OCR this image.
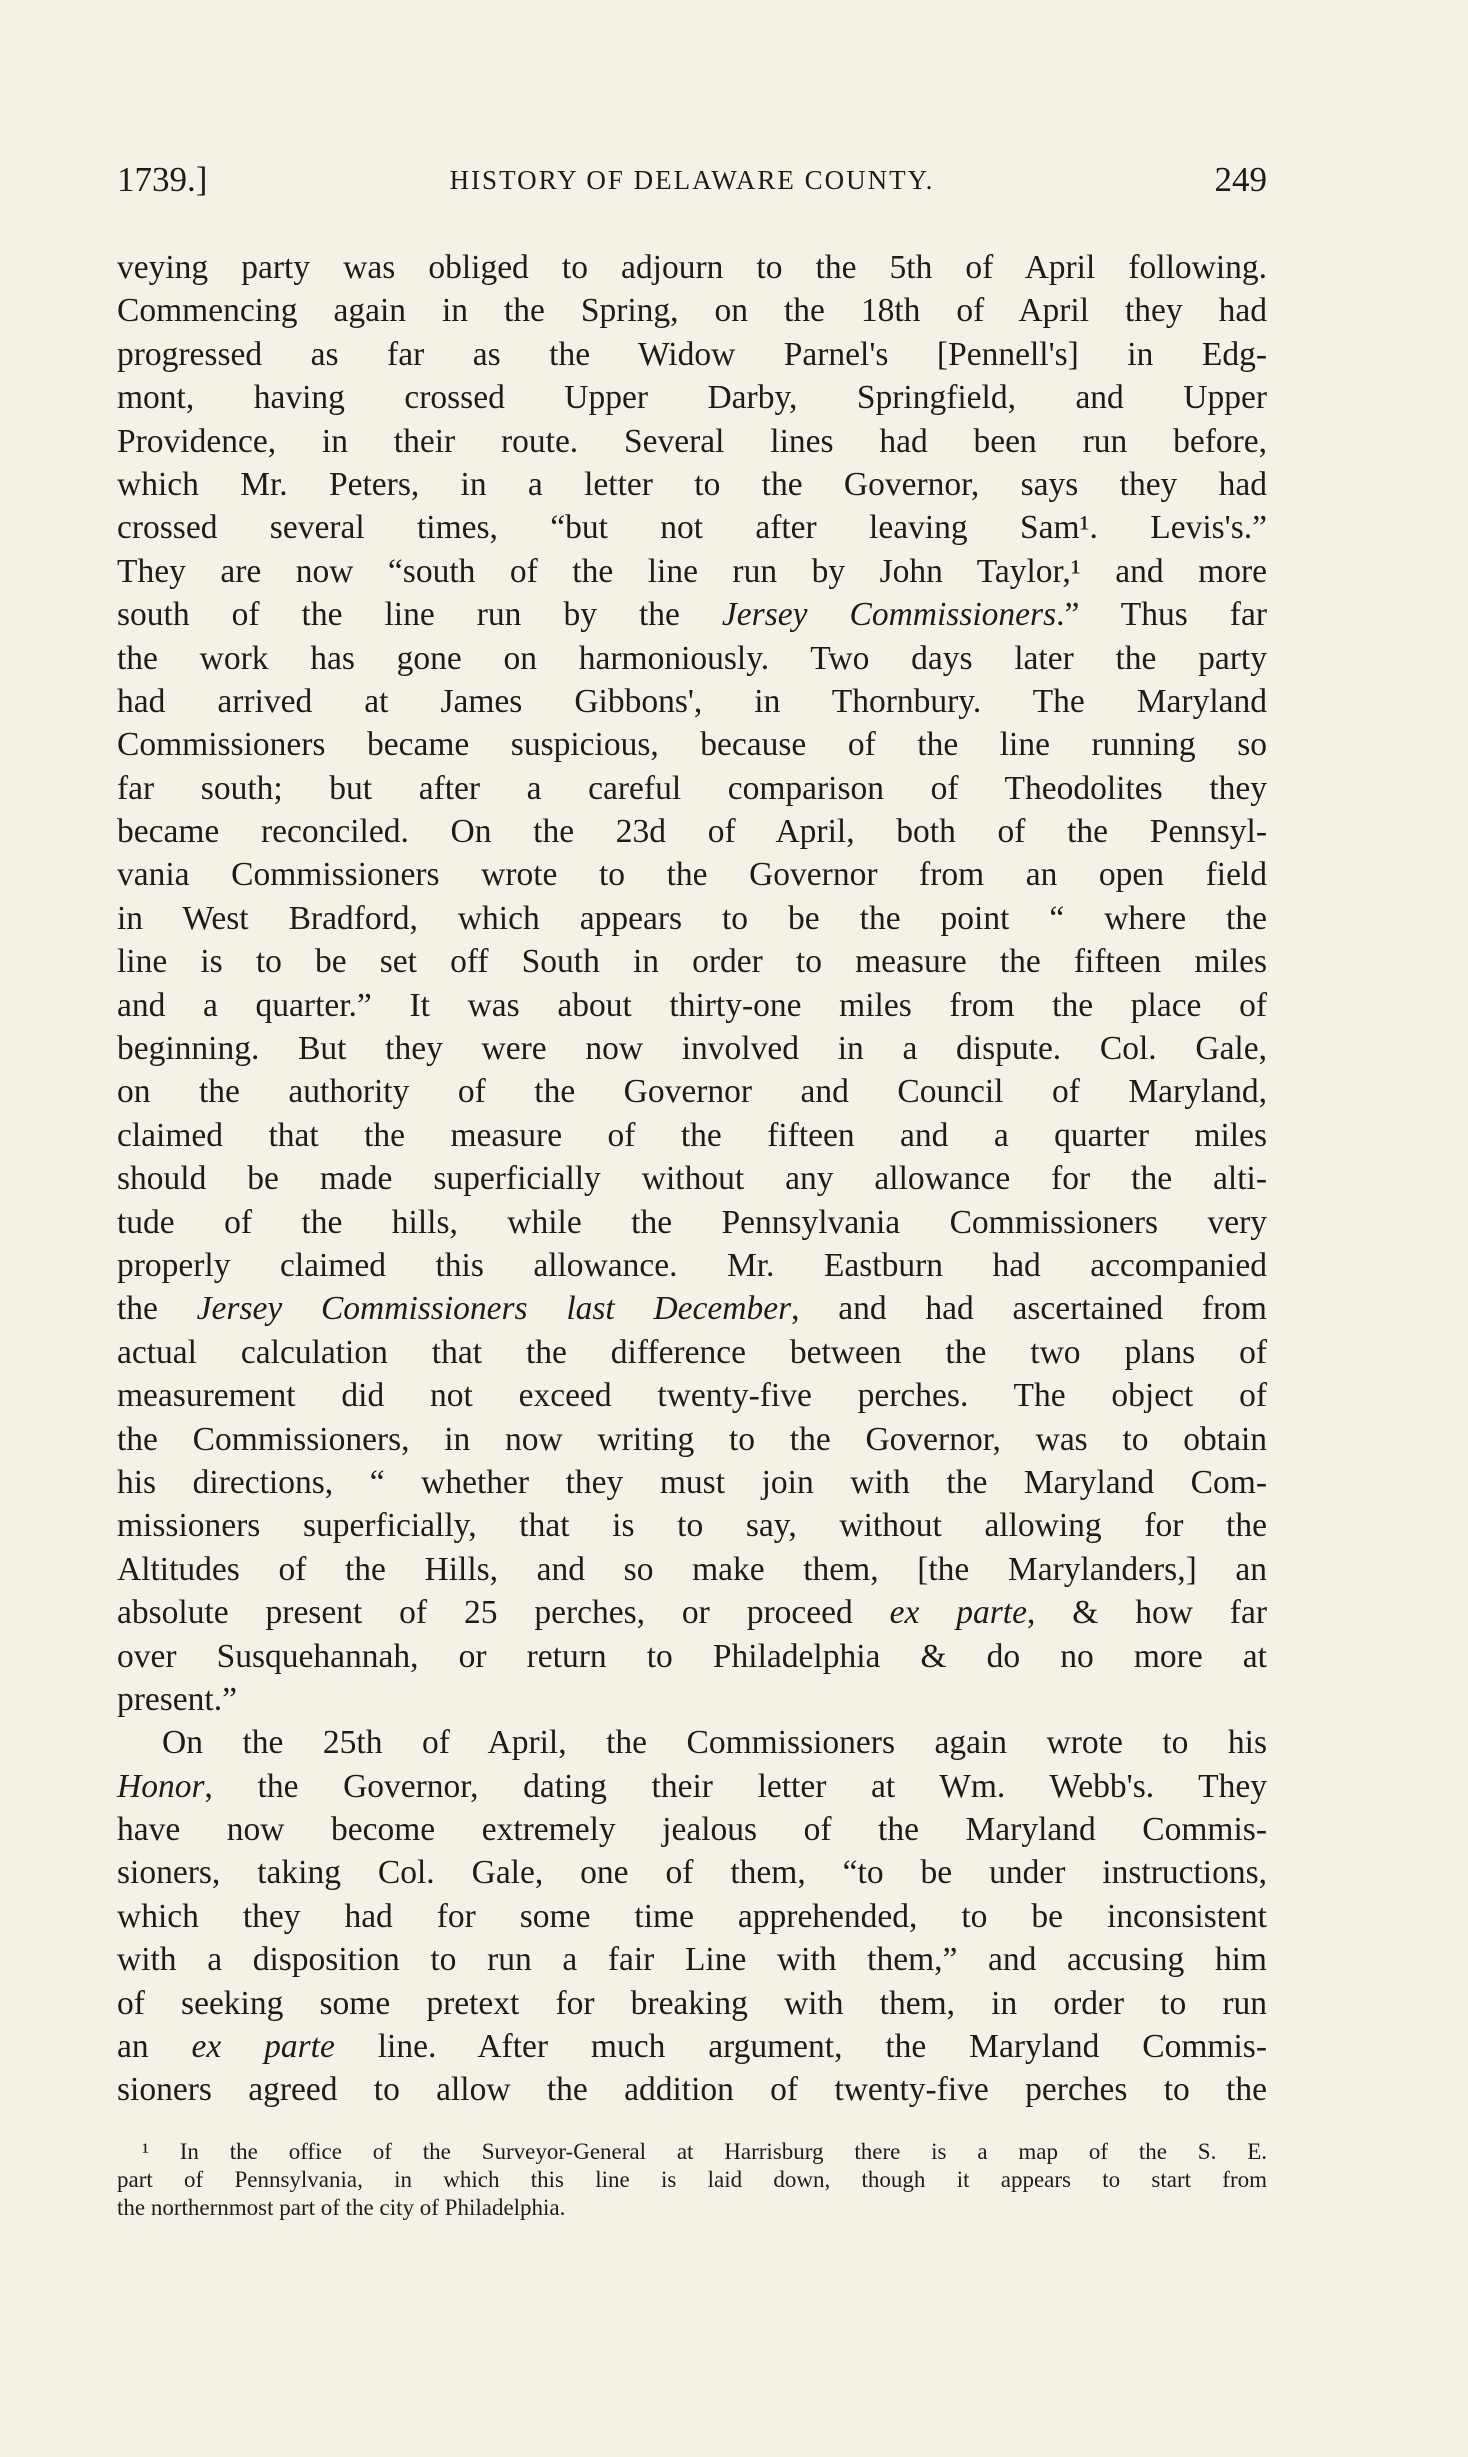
1739.]	HISTORY OF DELAWARE COUNTY.	249
veying party was obliged to adjourn to the 5th of April following.
Commencing again in the Spring, on the 18th of April they had
progressed as far as the Widow Parnel's [Pennell's] in Edg-
mont, having crossed Upper Darby, Springfield, and Upper
Providence, in their route. Several lines had been run before,
which Mr. Peters, in a letter to the Governor, says they had
crossed several times, “but not after leaving Sam¹. Levis's.”
They are now “south of the line run by John Taylor,¹ and more
south of the line run by the Jersey Commissioners.” Thus far
the work has gone on harmoniously. Two days later the party
had arrived at James Gibbons', in Thornbury. The Maryland
Commissioners became suspicious, because of the line running so
far south; but after a careful comparison of Theodolites they
became reconciled. On the 23d of April, both of the Pennsyl-
vania Commissioners wrote to the Governor from an open field
in West Bradford, which appears to be the point “ where the
line is to be set off South in order to measure the fifteen miles
and a quarter.” It was about thirty-one miles from the place of
beginning. But they were now involved in a dispute. Col. Gale,
on the authority of the Governor and Council of Maryland,
claimed that the measure of the fifteen and a quarter miles
should be made superficially without any allowance for the alti-
tude of the hills, while the Pennsylvania Commissioners very
properly claimed this allowance. Mr. Eastburn had accompanied
the Jersey Commissioners last December, and had ascertained from
actual calculation that the difference between the two plans of
measurement did not exceed twenty-five perches. The object of
the Commissioners, in now writing to the Governor, was to obtain
his directions, “ whether they must join with the Maryland Com-
missioners superficially, that is to say, without allowing for the
Altitudes of the Hills, and so make them, [the Marylanders,] an
absolute present of 25 perches, or proceed ex parte, & how far
over Susquehannah, or return to Philadelphia & do no more at
present.”
On the 25th of April, the Commissioners again wrote to his
Honor, the Governor, dating their letter at Wm. Webb's. They
have now become extremely jealous of the Maryland Commis-
sioners, taking Col. Gale, one of them, “to be under instructions,
which they had for some time apprehended, to be inconsistent
with a disposition to run a fair Line with them,” and accusing him
of seeking some pretext for breaking with them, in order to run
an ex parte line. After much argument, the Maryland Commis-
sioners agreed to allow the addition of twenty-five perches to the
¹ In the office of the Surveyor-General at Harrisburg there is a map of the S. E.
part of Pennsylvania, in which this line is laid down, though it appears to start from
the northernmost part of the city of Philadelphia.
